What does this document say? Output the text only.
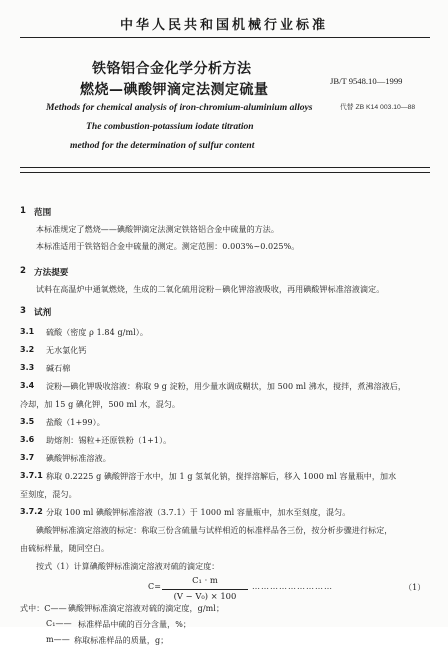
中华人民共和国机械行业标准
铁铬铝合金化学分析方法
燃烧—碘酸钾滴定法测定硫量
JB/T 9548.10—1999
代替 ZB K14 003.10—88
Methods for chemical analysis of iron-chromium-aluminium alloys
The combustion-potassium iodate titration
method for the determination of sulfur content
1 范围
本标准规定了燃烧——碘酸钾滴定法测定铁铬铝合金中硫量的方法。
本标准适用于铁铬铝合金中硫量的测定。测定范围：0.003%~0.025%。
2 方法提要
试料在高温炉中通氧燃烧，生成的二氧化硫用淀粉－碘化钾溶液吸收，再用碘酸钾标准溶液滴定。
3 试剂
3.1 硫酸（密度 ρ 1.84 g/ml）。
3.2 无水氯化钙
3.3 碱石棉
3.4 淀粉—碘化钾吸收溶液：称取 9 g 淀粉，用少量水调成糊状，加 500 ml 沸水，搅拌，煮沸溶液后，
冷却，加 15 g 碘化钾，500 ml 水，混匀。
3.5 盐酸（1+99）。
3.6 助熔剂：锡粒+还原铁粉（1+1）。
3.7 碘酸钾标准溶液。
3.7.1 称取 0.2225 g 碘酸钾溶于水中，加 1 g 氢氧化钠，搅拌溶解后，移入 1000 ml 容量瓶中，加水
至刻度，混匀。
3.7.2 分取 100 ml 碘酸钾标准溶液（3.7.1）于 1000 ml 容量瓶中，加水至刻度，混匀。
碘酸钾标准滴定溶液的标定：称取三份含硫量与试样相近的标准样品各三份，按分析步骤进行标定，
由硫标样量，随同空白。
按式（1）计算碘酸钾标准滴定溶液对硫的滴定度：
C=
C₁ · m
(V − V₀) × 100
………………………	（1）
式中：C—— 碘酸钾标准滴定溶液对硫的滴定度，g/ml；
C₁—— 标准样品中硫的百分含量，%；
m—— 称取标准样品的质量，g；
